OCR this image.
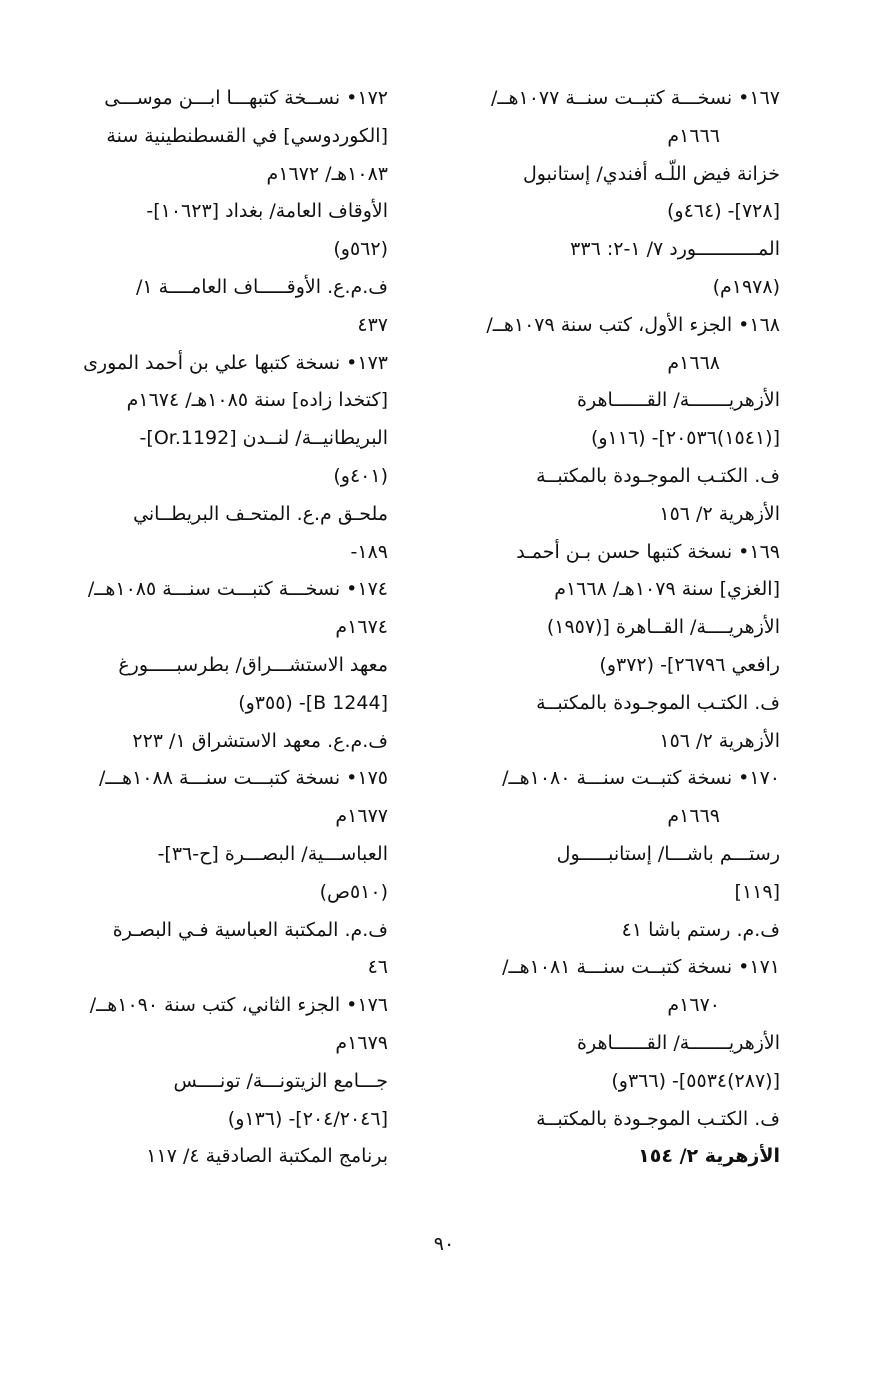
١٦٧• نسخـــة كتبــت سنــة ١٠٧٧هــ/
١٦٦٦م
خزانة فيض اللّـه أفندي/ إستانبول
[٧٢٨]- (٤٦٤و)
المـــــــــــورد ٧/ ١-٢: ٣٣٦
(١٩٧٨م)
١٦٨• الجزء الأول، كتب سنة ١٠٧٩هــ/
١٦٦٨م
الأزهريـــــــة/ القــــــاهرة
[(١٥٤١)٢٠٥٣٦]- (١١٦و)
ف. الكتـب الموجـودة بالمكتبــة
الأزهرية ٢/ ١٥٦
١٦٩• نسخة كتبها حسن بـن أحمـد
[الغزي] سنة ١٠٧٩هـ/ ١٦٦٨م
الأزهريــــة/ القــاهرة [(١٩٥٧)
رافعي ٢٦٧٩٦]- (٣٧٢و)
ف. الكتـب الموجـودة بالمكتبــة
الأزهرية ٢/ ١٥٦
١٧٠• نسخة كتبــت سنـــة ١٠٨٠هــ/
١٦٦٩م
رستـــم باشـــا/ إستانبـــــول
[١١٩]
ف.م. رستم باشا ٤١
١٧١• نسخة كتبــت سنـــة ١٠٨١هــ/
١٦٧٠م
الأزهريـــــــة/ القــــــاهرة
[(٢٨٧)٥٥٣٤]- (٣٦٦و)
ف. الكتـب الموجـودة بالمكتبــة
الأزهرية ٢/ ١٥٤
١٧٢• نســخة كتبهـــا ابـــن موســـى
[الكوردوسي] في القسطنطينية سنة
١٠٨٣هـ/ ١٦٧٢م
الأوقاف العامة/ بغداد [١٠٦٢٣]-
(٥٦٢و)
ف.م.ع. الأوقـــــاف العامــــة ١/
٤٣٧
١٧٣• نسخة كتبها علي بن أحمد المورى
[كتخدا زاده] سنة ١٠٨٥هـ/ ١٦٧٤م
البريطانيــة/ لنــدن [Or.1192]-
(٤٠١و)
ملحـق م.ع. المتحـف البريطــاني
١٨٩-
١٧٤• نسخـــة كتبـــت سنـــة ١٠٨٥هــ/
١٦٧٤م
معهد الاستشـــراق/ بطرسبـــــورغ
[B 1244]- (٣٥٥و)
ف.م.ع. معهد الاستشراق ١/ ٢٢٣
١٧٥• نسخة كتبـــت سنـــة ١٠٨٨هـــ/
١٦٧٧م
العباســـية/ البصـــرة [ح-٣٦]-
(٥١٠ص)
ف.م. المكتبة العباسية فـي البصـرة
٤٦
١٧٦• الجزء الثاني، كتب سنة ١٠٩٠هــ/
١٦٧٩م
جـــامع الزيتونـــة/ تونــــس
[٢٠٤/٢٠٤٦]- (١٣٦و)
برنامج المكتبة الصادقية ٤/ ١١٧
٩٠
